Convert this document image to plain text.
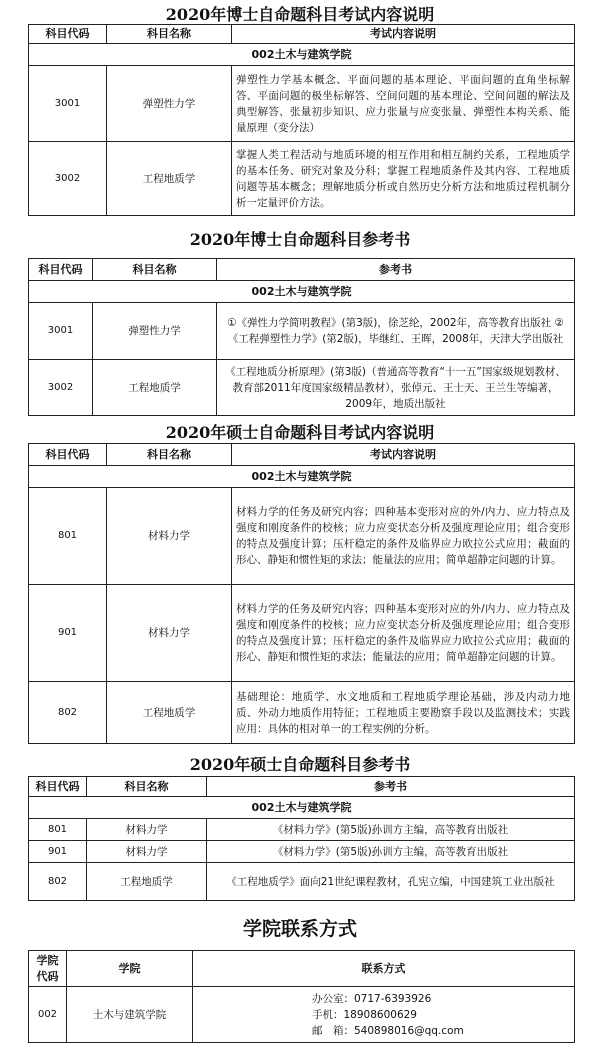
2020年博士自命题科目考试内容说明
科目代码	科目名称	考试内容说明
002土木与建筑学院		
3001	弹塑性力学	弹塑性力学基本概念、平面问题的基本理论、平面问题的直角坐标解答、平面问题的极坐标解答、空间问题的基本理论、空间问题的解法及典型解答、张量初步知识、应力张量与应变张量、弹塑性本构关系、能量原理（变分法）
3002	工程地质学	掌握人类工程活动与地质环境的相互作用和相互制约关系，工程地质学的基本任务、研究对象及分科；掌握工程地质条件及其内容、工程地质问题等基本概念；理解地质分析或自然历史分析方法和地质过程机制分析一定量评价方法。
2020年博士自命题科目参考书
科目代码	科目名称	参考书
002土木与建筑学院		
3001	弹塑性力学	①《弹性力学简明教程》(第3版)，徐芝纶，2002年，高等教育出版社 ②《工程弹塑性力学》(第2版)，毕继红、王晖，2008年，天津大学出版社
3002	工程地质学	《工程地质分析原理》(第3版)（普通高等教育“十一五”国家级规划教材、教育部2011年度国家级精品教材），张倬元、王士天、王兰生等编著，2009年，地质出版社
2020年硕士自命题科目考试内容说明
科目代码	科目名称	考试内容说明
002土木与建筑学院		
801	材料力学	材料力学的任务及研究内容；四种基本变形对应的外/内力、应力特点及强度和刚度条件的校核；应力应变状态分析及强度理论应用；组合变形的特点及强度计算；压杆稳定的条件及临界应力欧拉公式应用；截面的形心、静矩和惯性矩的求法；能量法的应用；简单超静定问题的计算。
901	材料力学	材料力学的任务及研究内容；四种基本变形对应的外/内力、应力特点及强度和刚度条件的校核；应力应变状态分析及强度理论应用；组合变形的特点及强度计算；压杆稳定的条件及临界应力欧拉公式应用；截面的形心、静矩和惯性矩的求法；能量法的应用；简单超静定问题的计算。
802	工程地质学	基础理论：地质学、水文地质和工程地质学理论基础，涉及内动力地质、外动力地质作用特征；工程地质主要勘察手段以及监测技术；实践应用：具体的相对单一的工程实例的分析。
2020年硕士自命题科目参考书
科目代码	科目名称	参考书
002土木与建筑学院		
801	材料力学	《材料力学》(第5版)孙训方主编，高等教育出版社
901	材料力学	《材料力学》(第5版)孙训方主编，高等教育出版社
802	工程地质学	《工程地质学》面向21世纪课程教材，孔宪立编，中国建筑工业出版社
学院联系方式
学院代码	学院	联系方式
002	土木与建筑学院	办公室：0717-6393926
手机：18908600629
邮　箱：540898016@qq.com
